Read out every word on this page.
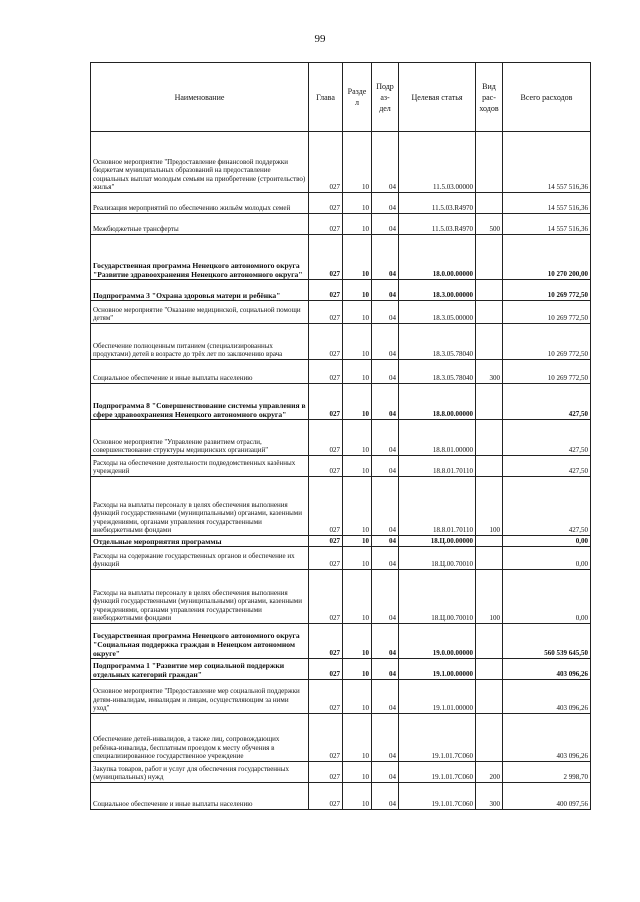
99
Наименование	Глава	Разде л	Подр аз- дел	Целевая статья	Вид рас- ходов	Всего расходов
Основное мероприятие "Предоставление финансовой поддержки бюджетам муниципальных образований на предоставление социальных выплат молодым семьям на приобретение (строительство) жилья"	027	10	04	11.5.03.00000		14 557 516,36
Реализация мероприятий по обеспечению жильём молодых семей	027	10	04	11.5.03.R4970		14 557 516,36
Межбюджетные трансферты	027	10	04	11.5.03.R4970	500	14 557 516,36
Государственная программа Ненецкого автономного округа "Развитие здравоохранения Ненецкого автономного округа"	027	10	04	18.0.00.00000		10 270 200,00
Подпрограмма 3 "Охрана здоровья матери и ребёнка"	027	10	04	18.3.00.00000		10 269 772,50
Основное мероприятие "Оказание медицинской, социальной помощи детям"	027	10	04	18.3.05.00000		10 269 772,50
Обеспечение полноценным питанием (специализированных продуктами) детей в возрасте до трёх лет по заключению врача	027	10	04	18.3.05.78040		10 269 772,50
Социальное обеспечение и иные выплаты населению	027	10	04	18.3.05.78040	300	10 269 772,50
Подпрограмма 8 "Совершенствование системы управления в сфере здравоохранения Ненецкого автономного округа"	027	10	04	18.8.00.00000		427,50
Основное мероприятие "Управление развитием отрасли, совершенствование структуры медицинских организаций"	027	10	04	18.8.01.00000		427,50
Расходы на обеспечение деятельности подведомственных казённых учреждений	027	10	04	18.8.01.70110		427,50
Расходы на выплаты персоналу в целях обеспечения выполнения функций государственными (муниципальными) органами, казенными учреждениями, органами управления государственными внебюджетными фондами	027	10	04	18.8.01.70110	100	427,50
Отдельные мероприятия программы	027	10	04	18.Ц.00.00000		0,00
Расходы на содержание государственных органов и обеспечение их функций	027	10	04	18.Ц.00.70010		0,00
Расходы на выплаты персоналу в целях обеспечения выполнения функций государственными (муниципальными) органами, казенными учреждениями, органами управления государственными внебюджетными фондами	027	10	04	18.Ц.00.70010	100	0,00
Государственная программа Ненецкого автономного округа "Социальная поддержка граждан в Ненецком автономном округе"	027	10	04	19.0.00.00000		560 539 645,50
Подпрограмма 1 "Развитие мер социальной поддержки отдельных категорий граждан"	027	10	04	19.1.00.00000		403 096,26
Основное мероприятие "Предоставление мер социальной поддержки детям-инвалидам, инвалидам и лицам, осуществляющим за ними уход"	027	10	04	19.1.01.00000		403 096,26
Обеспечение детей-инвалидов, а также лиц, сопровождающих ребёнка-инвалида, бесплатным проездом к месту обучения в специализированное государственное учреждение	027	10	04	19.1.01.7С060		403 096,26
Закупка товаров, работ и услуг для обеспечения государственных (муниципальных) нужд	027	10	04	19.1.01.7С060	200	2 998,70
Социальное обеспечение и иные выплаты населению	027	10	04	19.1.01.7С060	300	400 097,56
